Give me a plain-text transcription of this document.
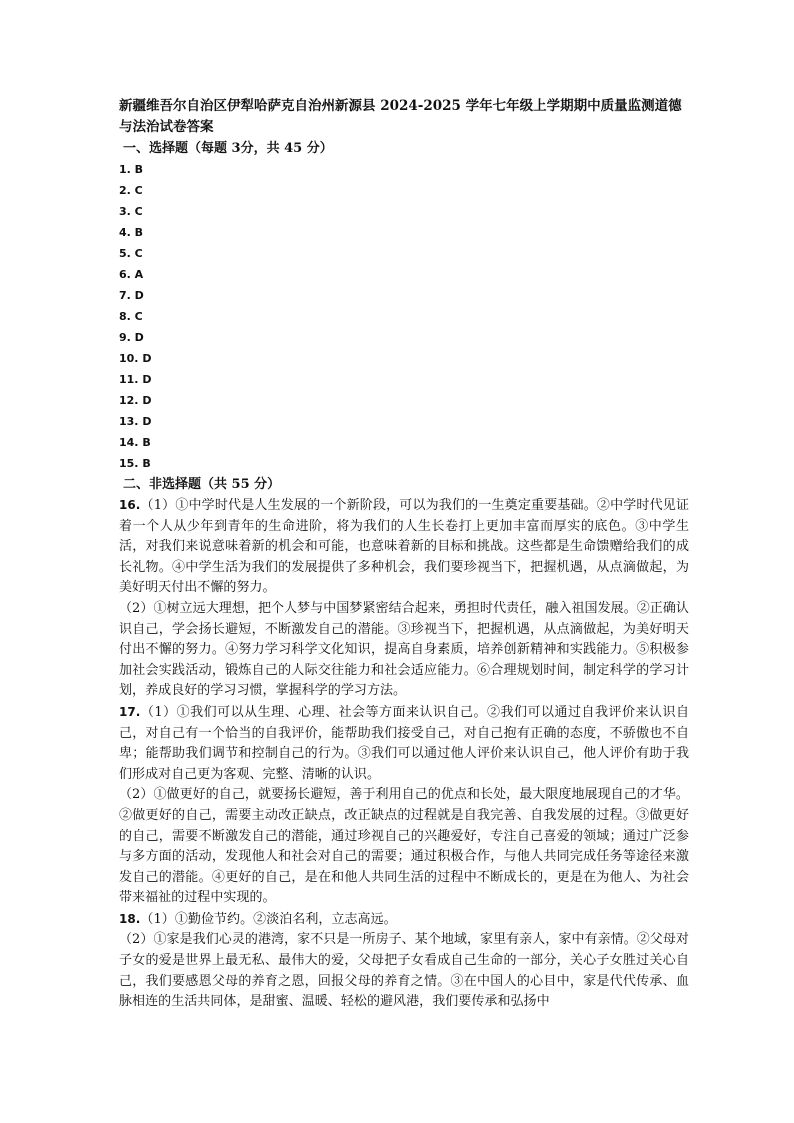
新疆维吾尔自治区伊犁哈萨克自治州新源县 2024-2025 学年七年级上学期期中质量监测道德与法治试卷答案
一、选择题（每题 3分，共 45 分）
1. B
2. C
3. C
4. B
5. C
6. A
7. D
8. C
9. D
10. D
11. D
12. D
13. D
14. B
15. B
二、非选择题（共 55 分）
16.（1）①中学时代是人生发展的一个新阶段，可以为我们的一生奠定重要基础。②中学时代见证着一个人从少年到青年的生命进阶，将为我们的人生长卷打上更加丰富而厚实的底色。③中学生活，对我们来说意味着新的机会和可能，也意味着新的目标和挑战。这些都是生命馈赠给我们的成长礼物。④中学生活为我们的发展提供了多种机会，我们要珍视当下，把握机遇，从点滴做起，为美好明天付出不懈的努力。
（2）①树立远大理想，把个人梦与中国梦紧密结合起来，勇担时代责任，融入祖国发展。②正确认识自己，学会扬长避短，不断激发自己的潜能。③珍视当下，把握机遇，从点滴做起，为美好明天付出不懈的努力。④努力学习科学文化知识，提高自身素质，培养创新精神和实践能力。⑤积极参加社会实践活动，锻炼自己的人际交往能力和社会适应能力。⑥合理规划时间，制定科学的学习计划，养成良好的学习习惯，掌握科学的学习方法。
17.（1）①我们可以从生理、心理、社会等方面来认识自己。②我们可以通过自我评价来认识自己，对自己有一个恰当的自我评价，能帮助我们接受自己，对自己抱有正确的态度，不骄傲也不自卑；能帮助我们调节和控制自己的行为。③我们可以通过他人评价来认识自己，他人评价有助于我们形成对自己更为客观、完整、清晰的认识。
（2）①做更好的自己，就要扬长避短，善于利用自己的优点和长处，最大限度地展现自己的才华。②做更好的自己，需要主动改正缺点，改正缺点的过程就是自我完善、自我发展的过程。③做更好的自己，需要不断激发自己的潜能，通过珍视自己的兴趣爱好，专注自己喜爱的领域；通过广泛参与多方面的活动，发现他人和社会对自己的需要；通过积极合作，与他人共同完成任务等途径来激发自己的潜能。④更好的自己，是在和他人共同生活的过程中不断成长的，更是在为他人、为社会带来福祉的过程中实现的。
18.（1）①勤俭节约。②淡泊名利，立志高远。
（2）①家是我们心灵的港湾，家不只是一所房子、某个地域，家里有亲人，家中有亲情。②父母对子女的爱是世界上最无私、最伟大的爱，父母把子女看成自己生命的一部分，关心子女胜过关心自己，我们要感恩父母的养育之恩，回报父母的养育之情。③在中国人的心目中，家是代代传承、血脉相连的生活共同体，是甜蜜、温暖、轻松的避风港，我们要传承和弘扬中
